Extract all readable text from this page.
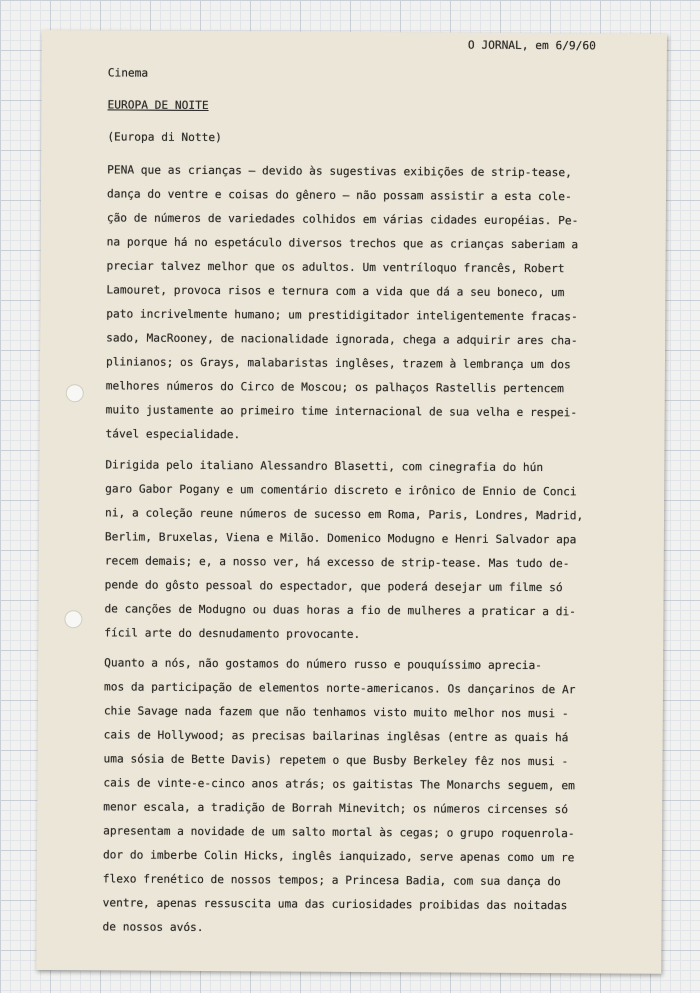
O JORNAL, em 6/9/60
Cinema
EUROPA DE NOITE
(Europa di Notte)
PENA que as crianças — devido às sugestivas exibições de strip-tease,
dança do ventre e coisas do gênero — não possam assistir a esta cole-
ção de números de variedades colhidos em várias cidades européias. Pe-
na porque há no espetáculo diversos trechos que as crianças saberiam a
preciar talvez melhor que os adultos. Um ventríloquo francês, Robert
Lamouret, provoca risos e ternura com a vida que dá a seu boneco, um
pato incrivelmente humano; um prestidigitador inteligentemente fracas-
sado, MacRooney, de nacionalidade ignorada, chega a adquirir ares cha-
plinianos; os Grays, malabaristas inglêses, trazem à lembrança um dos
melhores números do Circo de Moscou; os palhaços Rastellis pertencem
muito justamente ao primeiro time internacional de sua velha e respei-
tável especialidade.
Dirigida pelo italiano Alessandro Blasetti, com cinegrafia do hún
garo Gabor Pogany e um comentário discreto e irônico de Ennio de Conci
ni, a coleção reune números de sucesso em Roma, Paris, Londres, Madrid,
Berlim, Bruxelas, Viena e Milão. Domenico Modugno e Henri Salvador apa
recem demais; e, a nosso ver, há excesso de strip-tease. Mas tudo de-
pende do gôsto pessoal do espectador, que poderá desejar um filme só
de canções de Modugno ou duas horas a fio de mulheres a praticar a di-
fícil arte do desnudamento provocante.
Quanto a nós, não gostamos do número russo e pouquíssimo aprecia-
mos da participação de elementos norte-americanos. Os dançarinos de Ar
chie Savage nada fazem que não tenhamos visto muito melhor nos musi -
cais de Hollywood; as precisas bailarinas inglêsas (entre as quais há
uma sósia de Bette Davis) repetem o que Busby Berkeley fêz nos musi -
cais de vinte-e-cinco anos atrás; os gaitistas The Monarchs seguem, em
menor escala, a tradição de Borrah Minevitch; os números circenses só
apresentam a novidade de um salto mortal às cegas; o grupo roquenrola-
dor do imberbe Colin Hicks, inglês ianquizado, serve apenas como um re
flexo frenético de nossos tempos; a Princesa Badia, com sua dança do
ventre, apenas ressuscita uma das curiosidades proibidas das noitadas
de nossos avós.
